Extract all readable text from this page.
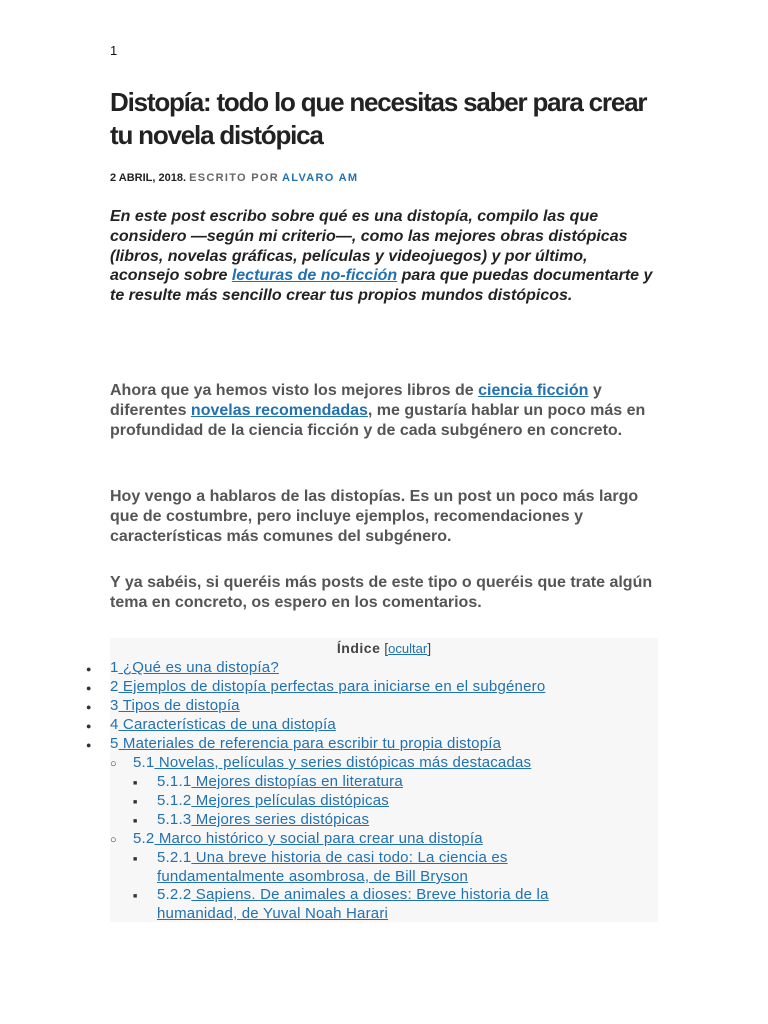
1
Distopía: todo lo que necesitas saber para crear tu novela distópica
2 ABRIL, 2018. ESCRITO POR ALVARO AM

En este post escribo sobre qué es una distopía, compilo las que considero —según mi criterio—, como las mejores obras distópicas (libros, novelas gráficas, películas y videojuegos) y por último, aconsejo sobre lecturas de no-ficción para que puedas documentarte y te resulte más sencillo crear tus propios mundos distópicos.

Ahora que ya hemos visto los mejores libros de ciencia ficción y diferentes novelas recomendadas, me gustaría hablar un poco más en profundidad de la ciencia ficción y de cada subgénero en concreto.

Hoy vengo a hablaros de las distopías. Es un post un poco más largo que de costumbre, pero incluye ejemplos, recomendaciones y características más comunes del subgénero.

Y ya sabéis, si queréis más posts de este tipo o queréis que trate algún tema en concreto, os espero en los comentarios.

Índice [ocultar]
● 1 ¿Qué es una distopía?
● 2 Ejemplos de distopía perfectas para iniciarse en el subgénero
● 3 Tipos de distopía
● 4 Características de una distopía
● 5 Materiales de referencia para escribir tu propia distopía
○ 5.1 Novelas, películas y series distópicas más destacadas
■ 5.1.1 Mejores distopías en literatura
■ 5.1.2 Mejores películas distópicas
■ 5.1.3 Mejores series distópicas
○ 5.2 Marco histórico y social para crear una distopía
■ 5.2.1 Una breve historia de casi todo: La ciencia es fundamentalmente asombrosa, de Bill Bryson
■ 5.2.2 Sapiens. De animales a dioses: Breve historia de la humanidad, de Yuval Noah Harari
